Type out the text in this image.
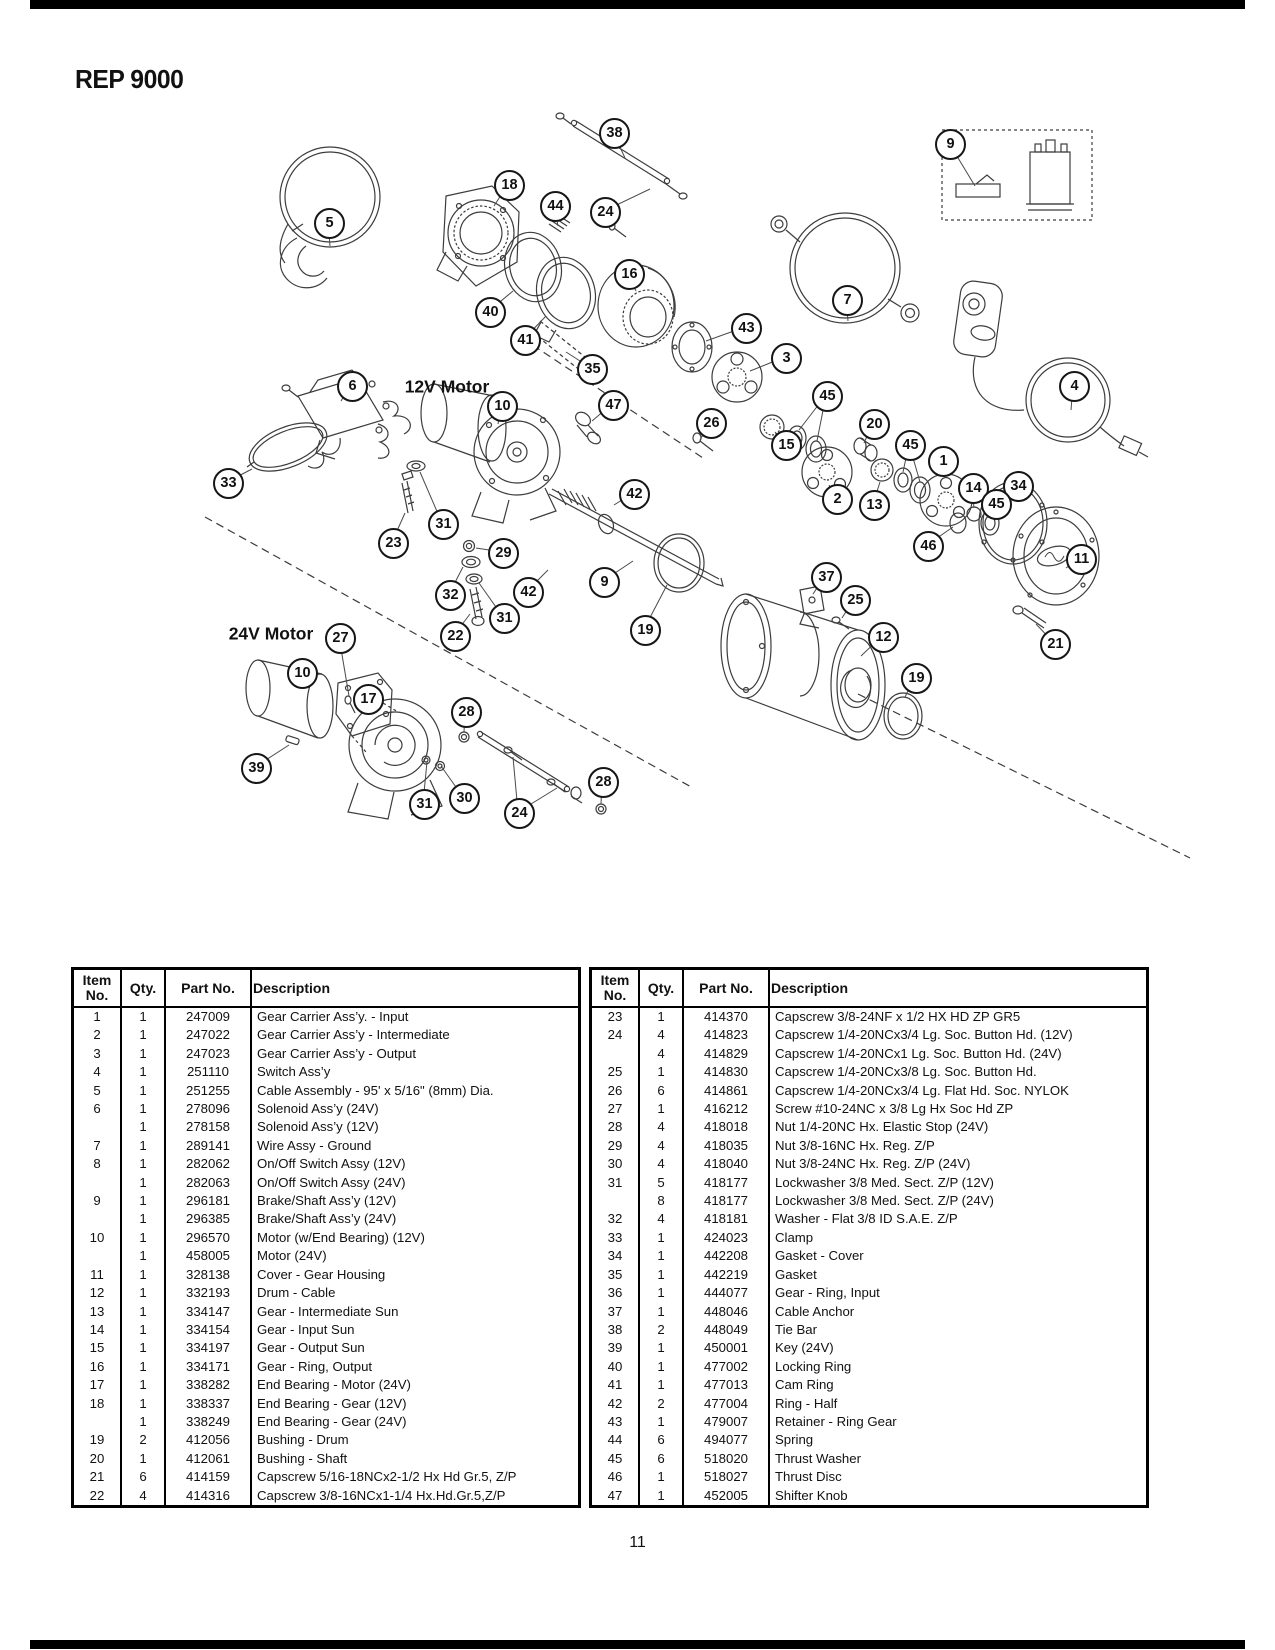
REP 9000
38
9
18
44	24
5
16
7
40
43
41
35
3
6
45
10	47
4
26	20
15	45
1
33	14	34
2	13	45
42
31
23	46
29	11
9	37
42
32	25
31
19
22	12
27	21
10	19
17
28
39
28
30
31
24
12V Motor
24V Motor
Item No.	Qty.	Part No.	Description
1	1	247009	Gear Carrier Ass’y. - Input
2	1	247022	Gear Carrier Ass’y - Intermediate
3	1	247023	Gear Carrier Ass’y - Output
4	1	251110	Switch Ass’y
5	1	251255	Cable Assembly - 95' x 5/16" (8mm) Dia.
6	1	278096	Solenoid Ass’y (24V)
	1	278158	Solenoid Ass’y (12V)
7	1	289141	Wire Assy - Ground
8	1	282062	On/Off Switch Assy (12V)
	1	282063	On/Off Switch Assy (24V)
9	1	296181	Brake/Shaft Ass’y (12V)
	1	296385	Brake/Shaft Ass’y (24V)
10	1	296570	Motor (w/End Bearing) (12V)
	1	458005	Motor (24V)
11	1	328138	Cover - Gear Housing
12	1	332193	Drum - Cable
13	1	334147	Gear - Intermediate Sun
14	1	334154	Gear - Input Sun
15	1	334197	Gear - Output Sun
16	1	334171	Gear - Ring, Output
17	1	338282	End Bearing - Motor (24V)
18	1	338337	End Bearing - Gear (12V)
	1	338249	End Bearing - Gear (24V)
19	2	412056	Bushing - Drum
20	1	412061	Bushing - Shaft
21	6	414159	Capscrew 5/16-18NCx2-1/2 Hx Hd Gr.5, Z/P
22	4	414316	Capscrew 3/8-16NCx1-1/4 Hx.Hd.Gr.5,Z/P
Item No.	Qty.	Part No.	Description
23	1	414370	Capscrew 3/8-24NF x 1/2 HX HD ZP GR5
24	4	414823	Capscrew 1/4-20NCx3/4 Lg. Soc. Button Hd. (12V)
	4	414829	Capscrew 1/4-20NCx1 Lg. Soc. Button Hd. (24V)
25	1	414830	Capscrew 1/4-20NCx3/8 Lg. Soc. Button Hd.
26	6	414861	Capscrew 1/4-20NCx3/4 Lg. Flat Hd. Soc. NYLOK
27	1	416212	Screw #10-24NC x 3/8 Lg Hx Soc Hd ZP
28	4	418018	Nut 1/4-20NC Hx. Elastic Stop (24V)
29	4	418035	Nut 3/8-16NC Hx. Reg. Z/P
30	4	418040	Nut 3/8-24NC Hx. Reg. Z/P (24V)
31	5	418177	Lockwasher 3/8 Med. Sect. Z/P (12V)
	8	418177	Lockwasher 3/8 Med. Sect. Z/P (24V)
32	4	418181	Washer - Flat 3/8 ID S.A.E. Z/P
33	1	424023	Clamp
34	1	442208	Gasket - Cover
35	1	442219	Gasket
36	1	444077	Gear - Ring, Input
37	1	448046	Cable Anchor
38	2	448049	Tie Bar
39	1	450001	Key (24V)
40	1	477002	Locking Ring
41	1	477013	Cam Ring
42	2	477004	Ring - Half
43	1	479007	Retainer - Ring Gear
44	6	494077	Spring
45	6	518020	Thrust Washer
46	1	518027	Thrust Disc
47	1	452005	Shifter Knob
11
